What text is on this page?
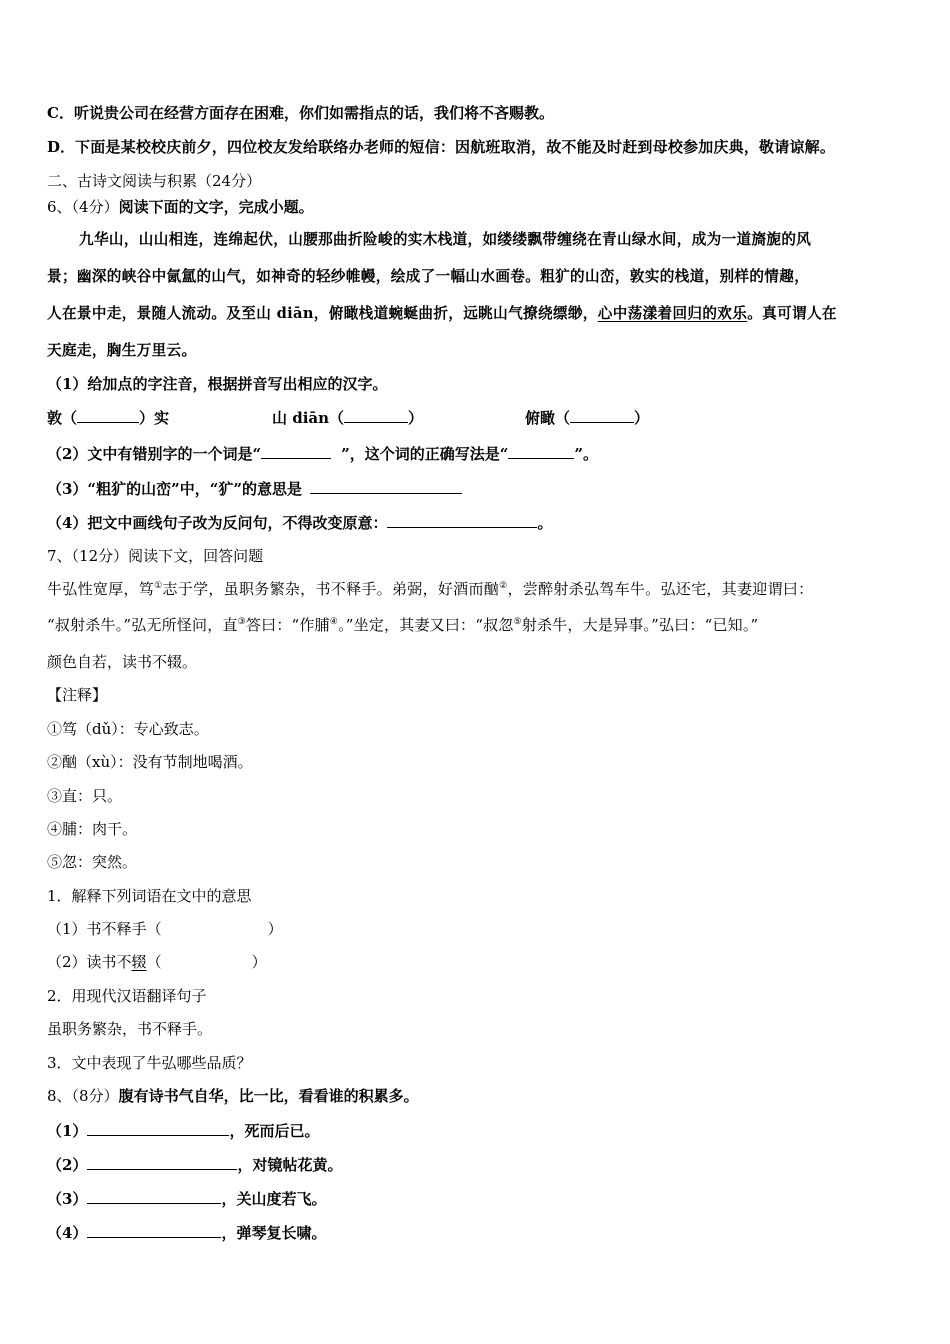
C．听说贵公司在经营方面存在困难，你们如需指点的话，我们将不吝赐教。
D．下面是某校校庆前夕，四位校友发给联络办老师的短信：因航班取消，故不能及时赶到母校参加庆典，敬请谅解。
二、古诗文阅读与积累（24分）
6、（4分）阅读下面的文字，完成小题。
九华山，山山相连，连绵起伏，山腰那曲折险峻的实木栈道，如缕缕飘带缠绕在青山绿水间，成为一道旖旎的风
景；幽深的峡谷中氤氲的山气，如神奇的轻纱帷幔，绘成了一幅山水画卷。粗犷的山峦，敦实的栈道，别样的情趣，
人在景中走，景随人流动。及至山 diān，俯瞰栈道蜿蜒曲折，远眺山气撩绕缥缈，心中荡漾着回归的欢乐。真可谓人在
天庭走，胸生万里云。
（1）给加点的字注音，根据拼音写出相应的汉字。
敦（	）实	山 diān（	）	俯瞰（	）
（2）文中有错别字的一个词是“	”，这个词的正确写法是“	”。
（3）“粗犷的山峦”中，“犷”的意思是
（4）把文中画线句子改为反问句，不得改变原意：	。
7、（12分）阅读下文，回答问题
牛弘性宽厚，笃①志于学，虽职务繁杂，书不释手。弟弼，好酒而酗②，尝醉射杀弘驾车牛。弘还宅，其妻迎谓曰：
“叔射杀牛。”弘无所怪问，直③答曰：“作脯④。”坐定，其妻又曰：“叔忽⑤射杀牛，大是异事。”弘曰：“已知。”
颜色自若，读书不辍。
【注释】
①笃（dǔ）：专心致志。
②酗（xù）：没有节制地喝酒。
③直：只。
④脯：肉干。
⑤忽：突然。
1．解释下列词语在文中的意思
（1）书不释手（	）
（2）读书不辍（	）
2．用现代汉语翻译句子
虽职务繁杂，书不释手。
3．文中表现了牛弘哪些品质？
8、（8分）腹有诗书气自华，比一比，看看谁的积累多。
（1）	，死而后已。
（2）	，对镜帖花黄。
（3）	，关山度若飞。
（4）	，弹琴复长啸。
